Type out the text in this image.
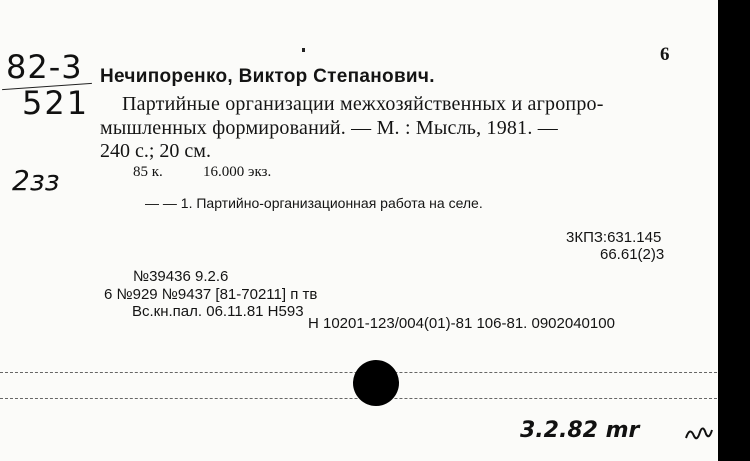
82-3
521
2зз
6
Нечипоренко, Виктор Степанович.
Партийные организации межхозяйственных и агропро-
мышленных формирований. — М. : Мысль, 1981. —
240 с.; 20 см.
85 к.	16.000 экз.
— — 1. Партийно-организационная работа на селе.
3КПЗ:631.145
66.61(2)3
№39436 9.2.6
6 №929 №9437 [81-70211] п тв
Вс.кн.пал. 06.11.81 Н593
Н 10201-123/004(01)-81 106-81. 0902040100
3.2.82 mr
